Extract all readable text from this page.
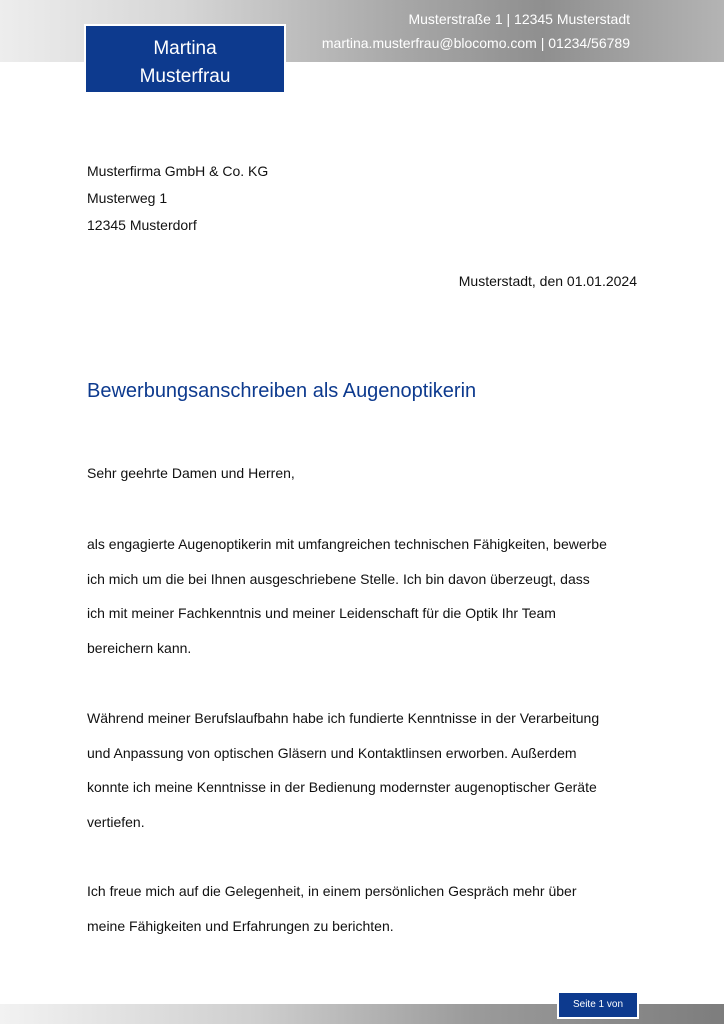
Musterstraße 1 | 12345 Musterstadt
martina.musterfrau@blocomo.com | 01234/56789
Martina
Musterfrau
Musterfirma GmbH & Co. KG
Musterweg 1
12345 Musterdorf
Musterstadt, den 01.01.2024
Bewerbungsanschreiben als Augenoptikerin
Sehr geehrte Damen und Herren,

als engagierte Augenoptikerin mit umfangreichen technischen Fähigkeiten, bewerbe
ich mich um die bei Ihnen ausgeschriebene Stelle. Ich bin davon überzeugt, dass
ich mit meiner Fachkenntnis und meiner Leidenschaft für die Optik Ihr Team
bereichern kann.

Während meiner Berufslaufbahn habe ich fundierte Kenntnisse in der Verarbeitung
und Anpassung von optischen Gläsern und Kontaktlinsen erworben. Außerdem
konnte ich meine Kenntnisse in der Bedienung modernster augenoptischer Geräte
vertiefen.

Ich freue mich auf die Gelegenheit, in einem persönlichen Gespräch mehr über
meine Fähigkeiten und Erfahrungen zu berichten.

Seite 1 von
